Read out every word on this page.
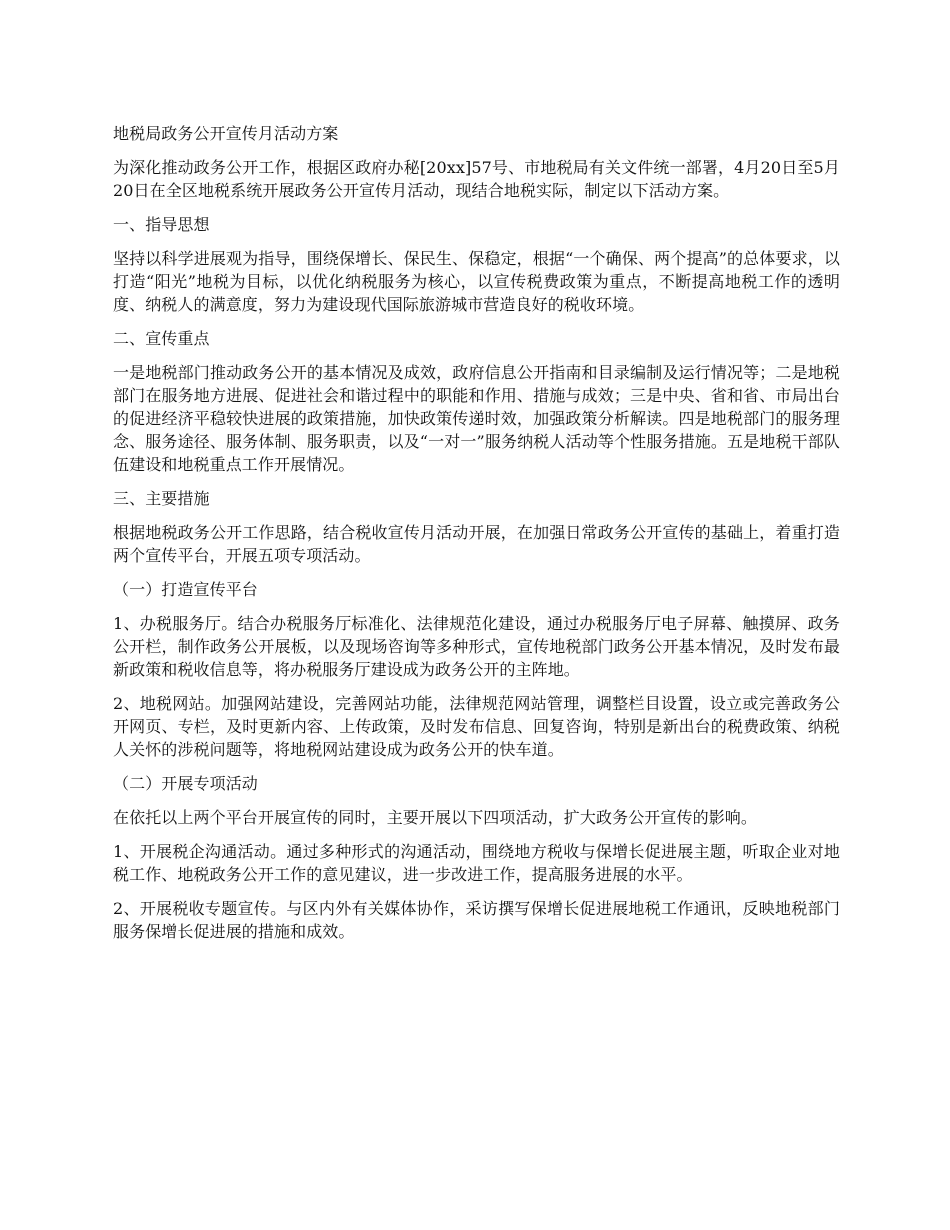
地税局政务公开宣传月活动方案

为深化推动政务公开工作，根据区政府办秘[20xx]57号、市地税局有关文件统一部署，4月20日至5月20日在全区地税系统开展政务公开宣传月活动，现结合地税实际，制定以下活动方案。

一、指导思想

坚持以科学进展观为指导，围绕保增长、保民生、保稳定，根据“一个确保、两个提高”的总体要求，以打造“阳光”地税为目标，以优化纳税服务为核心，以宣传税费政策为重点，不断提高地税工作的透明度、纳税人的满意度，努力为建设现代国际旅游城市营造良好的税收环境。

二、宣传重点

一是地税部门推动政务公开的基本情况及成效，政府信息公开指南和目录编制及运行情况等；二是地税部门在服务地方进展、促进社会和谐过程中的职能和作用、措施与成效；三是中央、省和省、市局出台的促进经济平稳较快进展的政策措施，加快政策传递时效，加强政策分析解读。四是地税部门的服务理念、服务途径、服务体制、服务职责，以及“一对一”服务纳税人活动等个性服务措施。五是地税干部队伍建设和地税重点工作开展情况。

三、主要措施

根据地税政务公开工作思路，结合税收宣传月活动开展，在加强日常政务公开宣传的基础上，着重打造两个宣传平台，开展五项专项活动。

（一）打造宣传平台

1、办税服务厅。结合办税服务厅标准化、法律规范化建设，通过办税服务厅电子屏幕、触摸屏、政务公开栏，制作政务公开展板，以及现场咨询等多种形式，宣传地税部门政务公开基本情况，及时发布最新政策和税收信息等，将办税服务厅建设成为政务公开的主阵地。

2、地税网站。加强网站建设，完善网站功能，法律规范网站管理，调整栏目设置，设立或完善政务公开网页、专栏，及时更新内容、上传政策，及时发布信息、回复咨询，特别是新出台的税费政策、纳税人关怀的涉税问题等，将地税网站建设成为政务公开的快车道。

（二）开展专项活动

在依托以上两个平台开展宣传的同时，主要开展以下四项活动，扩大政务公开宣传的影响。

1、开展税企沟通活动。通过多种形式的沟通活动，围绕地方税收与保增长促进展主题，听取企业对地税工作、地税政务公开工作的意见建议，进一步改进工作，提高服务进展的水平。

2、开展税收专题宣传。与区内外有关媒体协作，采访撰写保增长促进展地税工作通讯，反映地税部门服务保增长促进展的措施和成效。
